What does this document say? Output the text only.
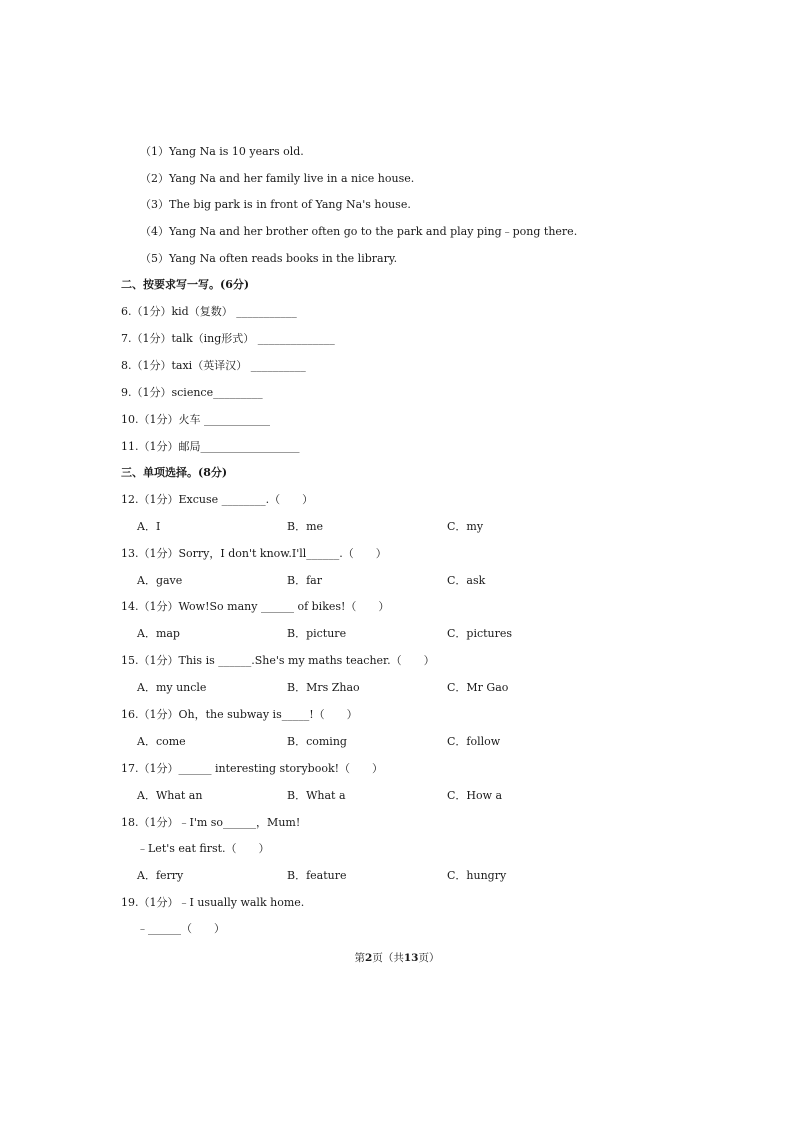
（1）Yang Na is 10 years old.
（2）Yang Na and her family live in a nice house.
（3）The big park is in front of Yang Na's house.
（4）Yang Na and her brother often go to the park and play ping﹣pong there.
（5）Yang Na often reads books in the library.
二、按要求写一写。(6分)
6.（1分）kid（复数） ___________
7.（1分）talk（ing形式） ______________
8.（1分）taxi（英译汉） __________
9.（1分）science_________
10.（1分）火车 ____________
11.（1分）邮局__________________
三、单项选择。(8分)
12.（1分）Excuse ________.（　　）
A．I	B．me	C．my
13.（1分）Sorry，I don't know.I'll______.（　　）
A．gave	B．far	C．ask
14.（1分）Wow!So many ______ of bikes!（　　）
A．map	B．picture	C．pictures
15.（1分）This is ______.She's my maths teacher.（　　）
A．my uncle	B．Mrs Zhao	C．Mr Gao
16.（1分）Oh，the subway is_____!（　　）
A．come	B．coming	C．follow
17.（1分）______ interesting storybook!（　　）
A．What an	B．What a	C．How a
18.（1分）﹣I'm so______，Mum!
﹣Let's eat first.（　　）
A．ferry	B．feature	C．hungry
19.（1分）﹣I usually walk home.
﹣______（　　）
第2页（共13页）
